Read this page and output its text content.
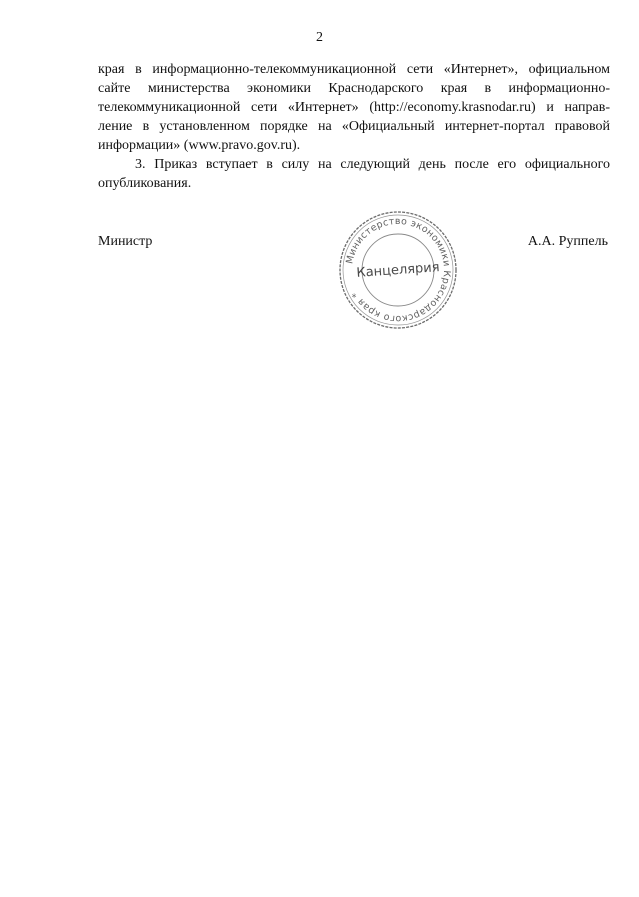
2

края в информационно-телекоммуникационной сети «Интернет», официальном
сайте министерства экономики Краснодарского края в информационно-
телекоммуникационной сети «Интернет» (http://economy.krasnodar.ru) и направ-
ление в установленном порядке на «Официальный интернет-портал правовой
информации» (www.pravo.gov.ru).

3. Приказ вступает в силу на следующий день после его официального
опубликования.

Министр	А.А. Руппель
Министерство экономики Краснодарского края *
Канцелярия
